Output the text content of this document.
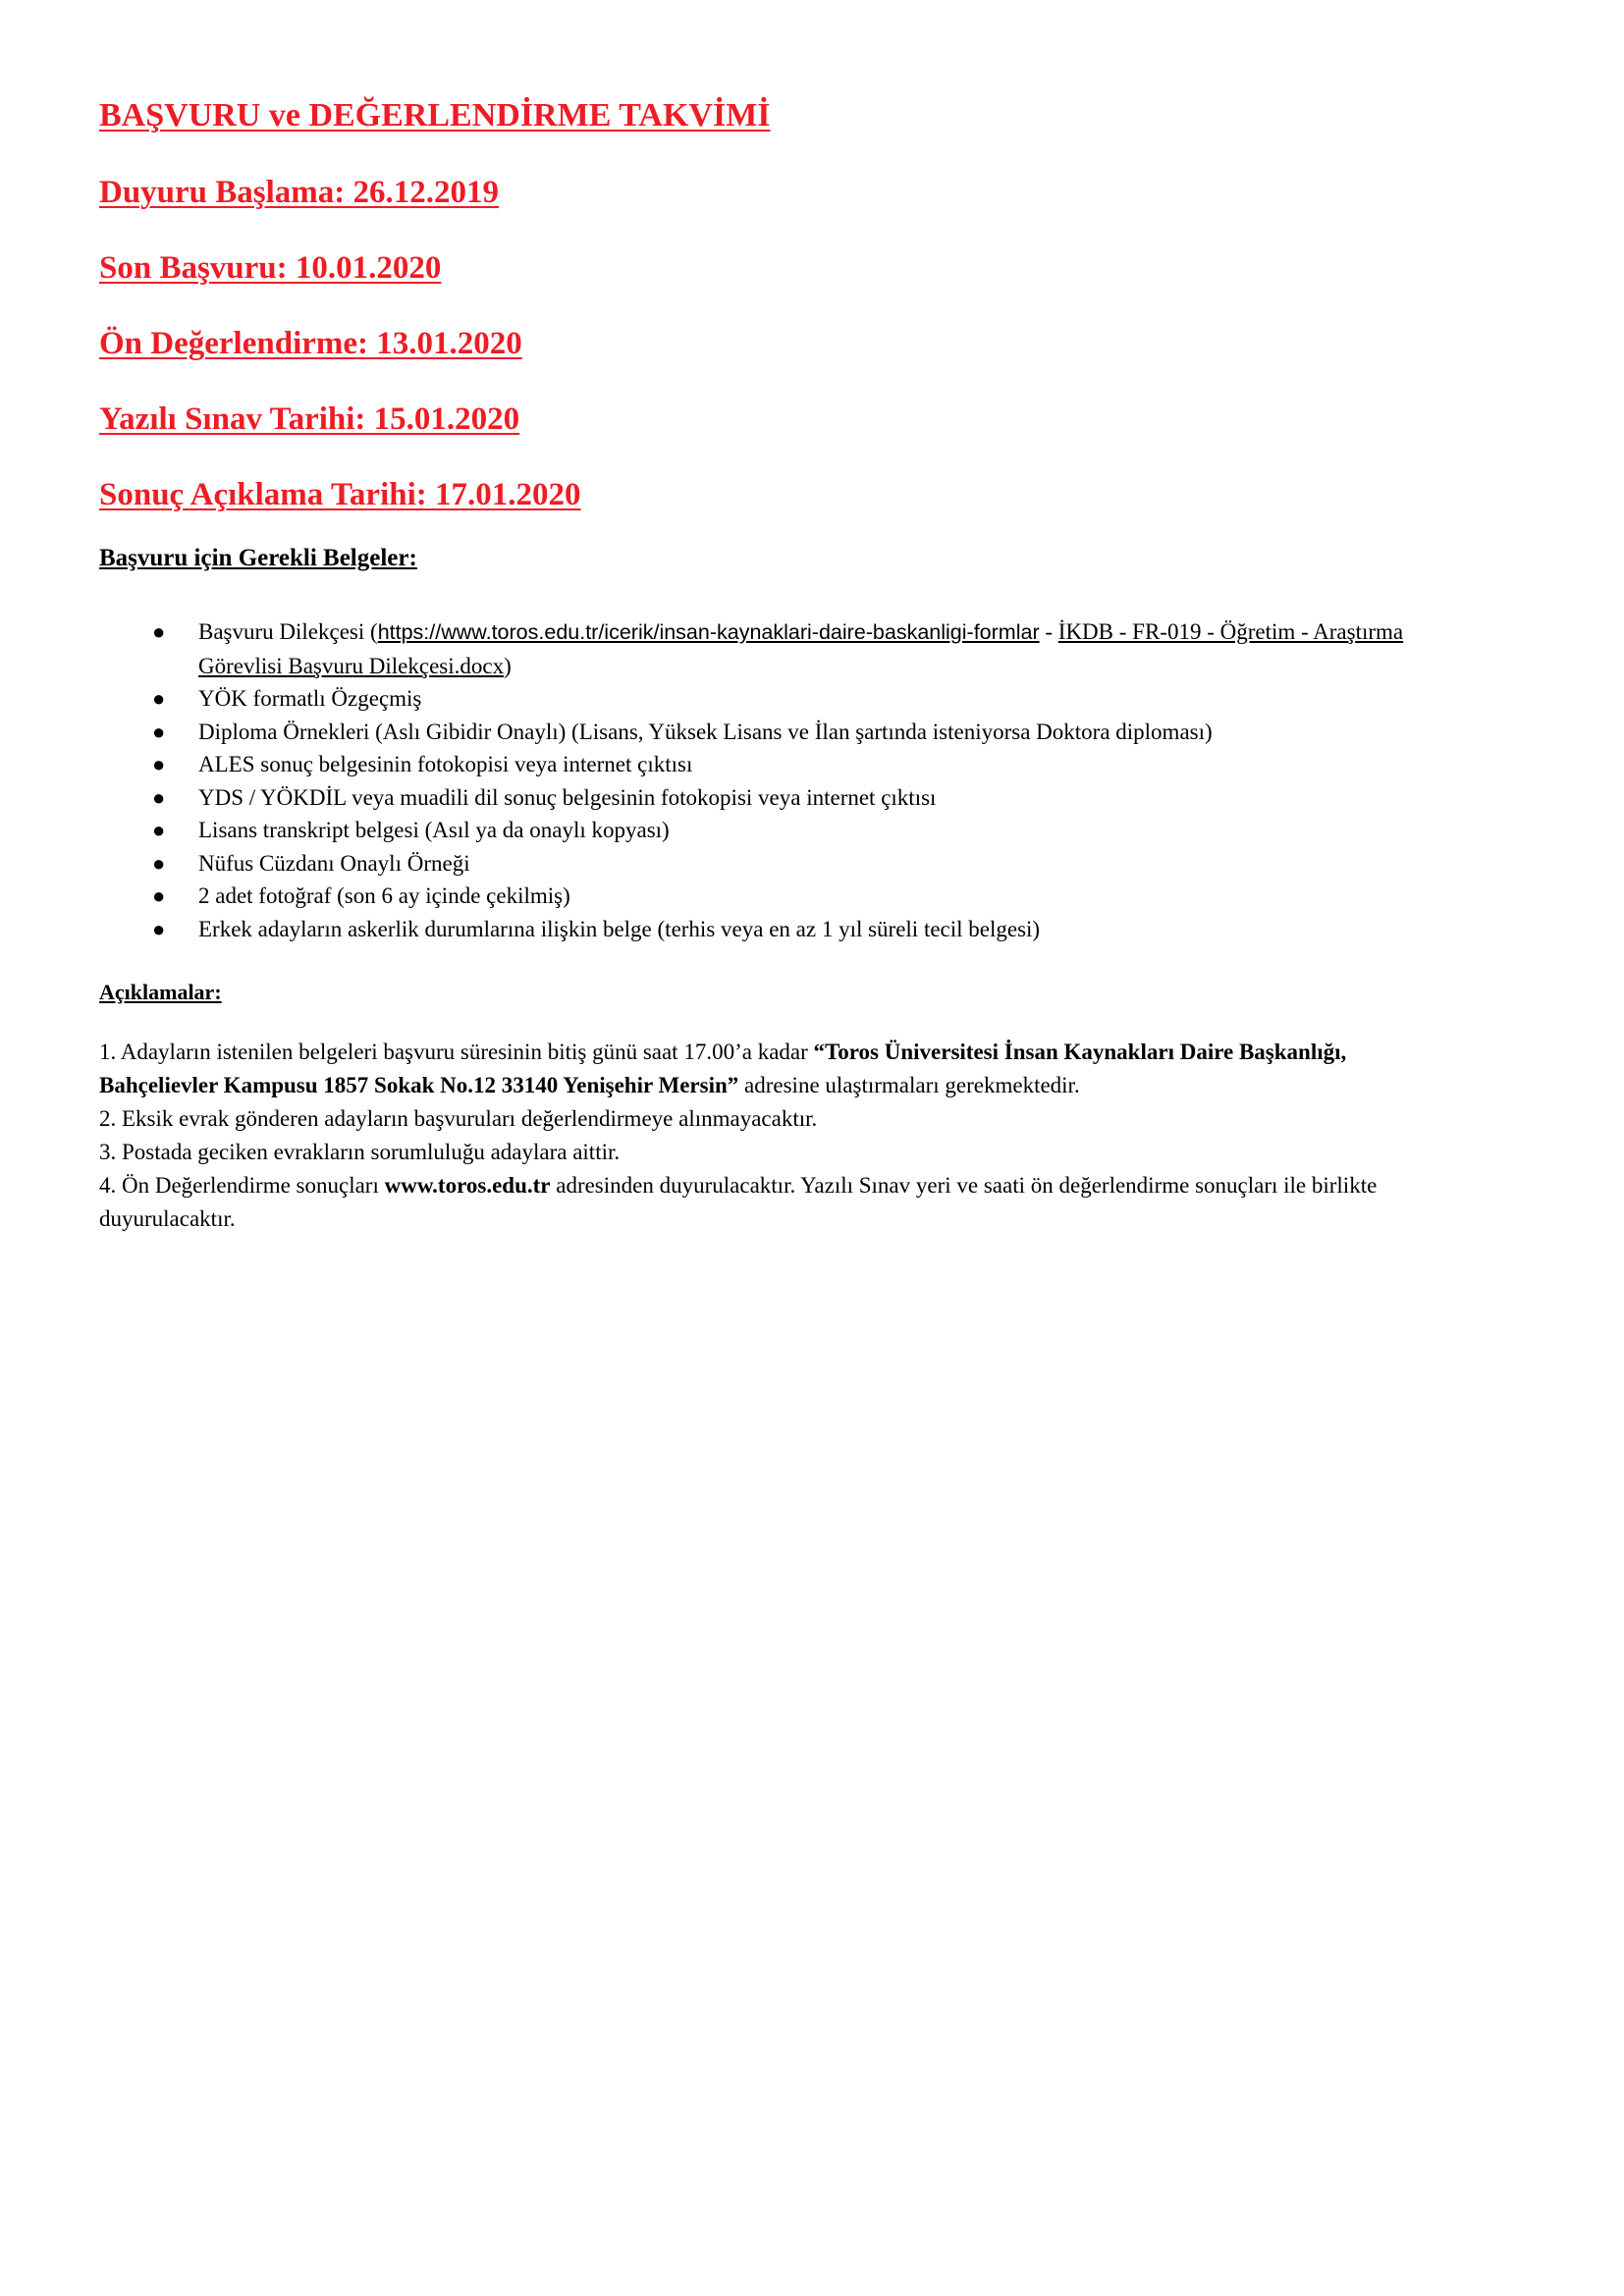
BAŞVURU ve DEĞERLENDİRME TAKVİMİ

Duyuru Başlama: 26.12.2019

Son Başvuru: 10.01.2020

Ön Değerlendirme: 13.01.2020

Yazılı Sınav Tarihi: 15.01.2020

Sonuç Açıklama Tarihi: 17.01.2020

Başvuru için Gerekli Belgeler:

● Başvuru Dilekçesi (https://www.toros.edu.tr/icerik/insan-kaynaklari-daire-baskanligi-formlar - İKDB - FR-019 - Öğretim - Araştırma
Görevlisi Başvuru Dilekçesi.docx)
● YÖK formatlı Özgeçmiş
● Diploma Örnekleri (Aslı Gibidir Onaylı) (Lisans, Yüksek Lisans ve İlan şartında isteniyorsa Doktora diploması)
● ALES sonuç belgesinin fotokopisi veya internet çıktısı
● YDS / YÖKDİL veya muadili dil sonuç belgesinin fotokopisi veya internet çıktısı
● Lisans transkript belgesi (Asıl ya da onaylı kopyası)
● Nüfus Cüzdanı Onaylı Örneği
● 2 adet fotoğraf (son 6 ay içinde çekilmiş)
● Erkek adayların askerlik durumlarına ilişkin belge (terhis veya en az 1 yıl süreli tecil belgesi)

Açıklamalar:

1. Adayların istenilen belgeleri başvuru süresinin bitiş günü saat 17.00’a kadar “Toros Üniversitesi İnsan Kaynakları Daire Başkanlığı,
Bahçelievler Kampusu 1857 Sokak No.12 33140 Yenişehir Mersin” adresine ulaştırmaları gerekmektedir.

2. Eksik evrak gönderen adayların başvuruları değerlendirmeye alınmayacaktır.

3. Postada geciken evrakların sorumluluğu adaylara aittir.

4. Ön Değerlendirme sonuçları www.toros.edu.tr adresinden duyurulacaktır. Yazılı Sınav yeri ve saati ön değerlendirme sonuçları ile birlikte
duyurulacaktır.
